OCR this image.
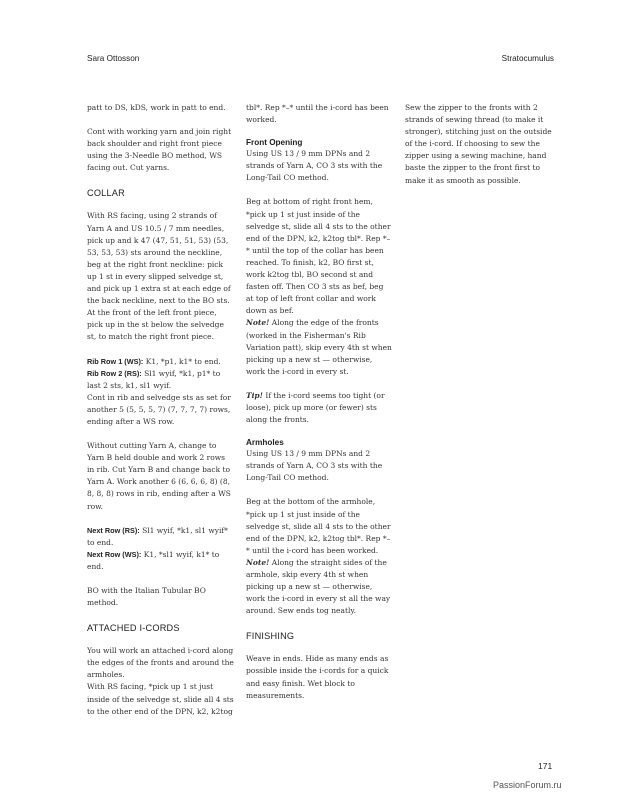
Sara Ottosson	Stratocumulus

patt to DS, kDS, work in patt to end.

Cont with working yarn and join right back shoulder and right front piece using the 3-Needle BO method, WS facing out. Cut yarns.

COLLAR

With RS facing, using 2 strands of Yarn A and US 10.5 / 7 mm needles, pick up and k 47 (47, 51, 51, 53) (53, 53, 53, 53) sts around the neckline, beg at the right front neckline: pick up 1 st in every slipped selvedge st, and pick up 1 extra st at each edge of the back neckline, next to the BO sts. At the front of the left front piece, pick up in the st below the selvedge st, to match the right front piece.

Rib Row 1 (WS): K1, *p1, k1* to end.
Rib Row 2 (RS): Sl1 wyif, *k1, p1* to last 2 sts, k1, sl1 wyif.
Cont in rib and selvedge sts as set for another 5 (5, 5, 5, 7) (7, 7, 7, 7) rows, ending after a WS row.

Without cutting Yarn A, change to Yarn B held double and work 2 rows in rib. Cut Yarn B and change back to Yarn A. Work another 6 (6, 6, 6, 8) (8, 8, 8, 8) rows in rib, ending after a WS row.

Next Row (RS): Sl1 wyif, *k1, sl1 wyif* to end.
Next Row (WS): K1, *sl1 wyif, k1* to end.

BO with the Italian Tubular BO method.

ATTACHED I-CORDS

You will work an attached i-cord along the edges of the fronts and around the armholes.

With RS facing, *pick up 1 st just inside of the selvedge st, slide all 4 sts to the other end of the DPN, k2, k2tog

tbl*. Rep *–* until the i-cord has been worked.

Front Opening

Using US 13 / 9 mm DPNs and 2 strands of Yarn A, CO 3 sts with the Long-Tail CO method.

Beg at bottom of right front hem, *pick up 1 st just inside of the selvedge st, slide all 4 sts to the other end of the DPN, k2, k2tog tbl*. Rep *–* until the top of the collar has been reached. To finish, k2, BO first st, work k2tog tbl, BO second st and fasten off. Then CO 3 sts as bef, beg at top of left front collar and work down as bef.

Note! Along the edge of the fronts (worked in the Fisherman's Rib Variation patt), skip every 4th st when picking up a new st — otherwise, work the i-cord in every st.

Tip! If the i-cord seems too tight (or loose), pick up more (or fewer) sts along the fronts.

Armholes

Using US 13 / 9 mm DPNs and 2 strands of Yarn A, CO 3 sts with the Long-Tail CO method.

Beg at the bottom of the armhole, *pick up 1 st just inside of the selvedge st, slide all 4 sts to the other end of the DPN, k2, k2tog tbl*. Rep *–* until the i-cord has been worked.

Note! Along the straight sides of the armhole, skip every 4th st when picking up a new st — otherwise, work the i-cord in every st all the way around. Sew ends tog neatly.

FINISHING

Weave in ends. Hide as many ends as possible inside the i-cords for a quick and easy finish. Wet block to measurements.

Sew the zipper to the fronts with 2 strands of sewing thread (to make it stronger), stitching just on the outside of the i-cord. If choosing to sew the zipper using a sewing machine, hand baste the zipper to the front first to make it as smooth as possible.

171
PassionForum.ru
